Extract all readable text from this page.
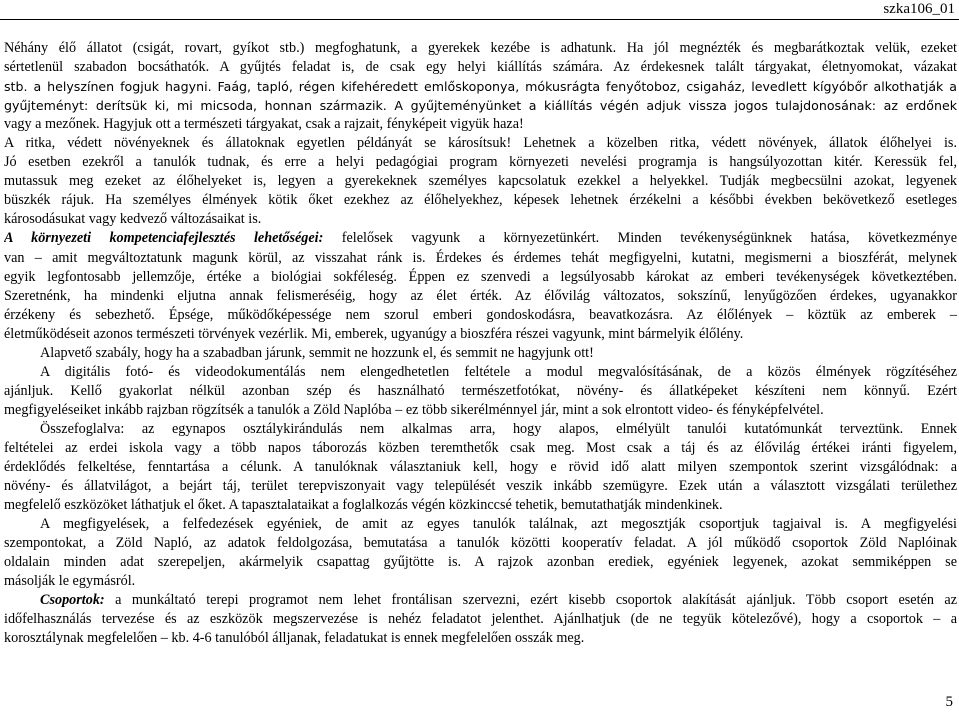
szka106_01
Néhány élő állatot (csigát, rovart, gyíkot stb.) megfoghatunk, a gyerekek kezébe is adhatunk. Ha jól megnézték és megbarátkoztak velük, ezeket
sértetlenül szabadon bocsáthatók. A gyűjtés feladat is, de csak egy helyi kiállítás számára. Az érdekesnek talált tárgyakat, életnyomokat, vázakat
stb. a helyszínen fogjuk hagyni. Faág, tapló, régen kifehéredett emlőskoponya, mókusrágta fenyőtoboz, csigaház, levedlett kígyóbőr alkothatják a
gyűjteményt: derítsük ki, mi micsoda, honnan származik. A gyűjteményünket a kiállítás végén adjuk vissza jogos tulajdonosának: az erdőnek
vagy a mezőnek. Hagyjuk ott a természeti tárgyakat, csak a rajzait, fényképeit vigyük haza!
A ritka, védett növényeknek és állatoknak egyetlen példányát se károsítsuk! Lehetnek a közelben ritka, védett növények, állatok élőhelyei is.
Jó esetben ezekről a tanulók tudnak, és erre a helyi pedagógiai program környezeti nevelési programja is hangsúlyozottan kitér. Keressük fel,
mutassuk meg ezeket az élőhelyeket is, legyen a gyerekeknek személyes kapcsolatuk ezekkel a helyekkel. Tudják megbecsülni azokat, legyenek
büszkék rájuk. Ha személyes élmények kötik őket ezekhez az élőhelyekhez, képesek lehetnek érzékelni a későbbi években bekövetkező esetleges
károsodásukat vagy kedvező változásaikat is.
A környezeti kompetenciafejlesztés lehetőségei: felelősek vagyunk a környezetünkért. Minden tevékenységünknek hatása, következménye
van – amit megváltoztatunk magunk körül, az visszahat ránk is. Érdekes és érdemes tehát megfigyelni, kutatni, megismerni a bioszférát, melynek
egyik legfontosabb jellemzője, értéke a biológiai sokféleség. Éppen ez szenvedi a legsúlyosabb károkat az emberi tevékenységek következtében.
Szeretnénk, ha mindenki eljutna annak felismeréséig, hogy az élet érték. Az élővilág változatos, sokszínű, lenyűgözően érdekes, ugyanakkor
érzékeny és sebezhető. Épsége, működőképessége nem szorul emberi gondoskodásra, beavatkozásra. Az élőlények – köztük az emberek –
életműködéseit azonos természeti törvények vezérlik. Mi, emberek, ugyanúgy a bioszféra részei vagyunk, mint bármelyik élőlény.
Alapvető szabály, hogy ha a szabadban járunk, semmit ne hozzunk el, és semmit ne hagyjunk ott!
A digitális fotó- és videodokumentálás nem elengedhetetlen feltétele a modul megvalósításának, de a közös élmények rögzítéséhez
ajánljuk. Kellő gyakorlat nélkül azonban szép és használható természetfotókat, növény- és állatképeket készíteni nem könnyű. Ezért
megfigyeléseiket inkább rajzban rögzítsék a tanulók a Zöld Naplóba – ez több sikerélménnyel jár, mint a sok elrontott video- és fényképfelvétel.
Összefoglalva: az egynapos osztálykirándulás nem alkalmas arra, hogy alapos, elmélyült tanulói kutatómunkát terveztünk. Ennek
feltételei az erdei iskola vagy a több napos táborozás közben teremthetők csak meg. Most csak a táj és az élővilág értékei iránti figyelem,
érdeklődés felkeltése, fenntartása a célunk. A tanulóknak választaniuk kell, hogy e rövid idő alatt milyen szempontok szerint vizsgálódnak: a
növény- és állatvilágot, a bejárt táj, terület terepviszonyait vagy települését veszik inkább szemügyre. Ezek után a választott vizsgálati területhez
megfelelő eszközöket láthatjuk el őket. A tapasztalataikat a foglalkozás végén közkinccsé tehetik, bemutathatják mindenkinek.
A megfigyelések, a felfedezések egyéniek, de amit az egyes tanulók találnak, azt megosztják csoportjuk tagjaival is. A megfigyelési
szempontokat, a Zöld Napló, az adatok feldolgozása, bemutatása a tanulók közötti kooperatív feladat. A jól működő csoportok Zöld Naplóinak
oldalain minden adat szerepeljen, akármelyik csapattag gyűjtötte is. A rajzok azonban erediek, egyéniek legyenek, azokat semmiképpen se
másolják le egymásról.
Csoportok: a munkáltató terepi programot nem lehet frontálisan szervezni, ezért kisebb csoportok alakítását ajánljuk. Több csoport esetén az
időfelhasználás tervezése és az eszközök megszervezése is nehéz feladatot jelenthet. Ajánlhatjuk (de ne tegyük kötelezővé), hogy a csoportok – a
korosztálynak megfelelően – kb. 4-6 tanulóból álljanak, feladatukat is ennek megfelelően osszák meg.
5
